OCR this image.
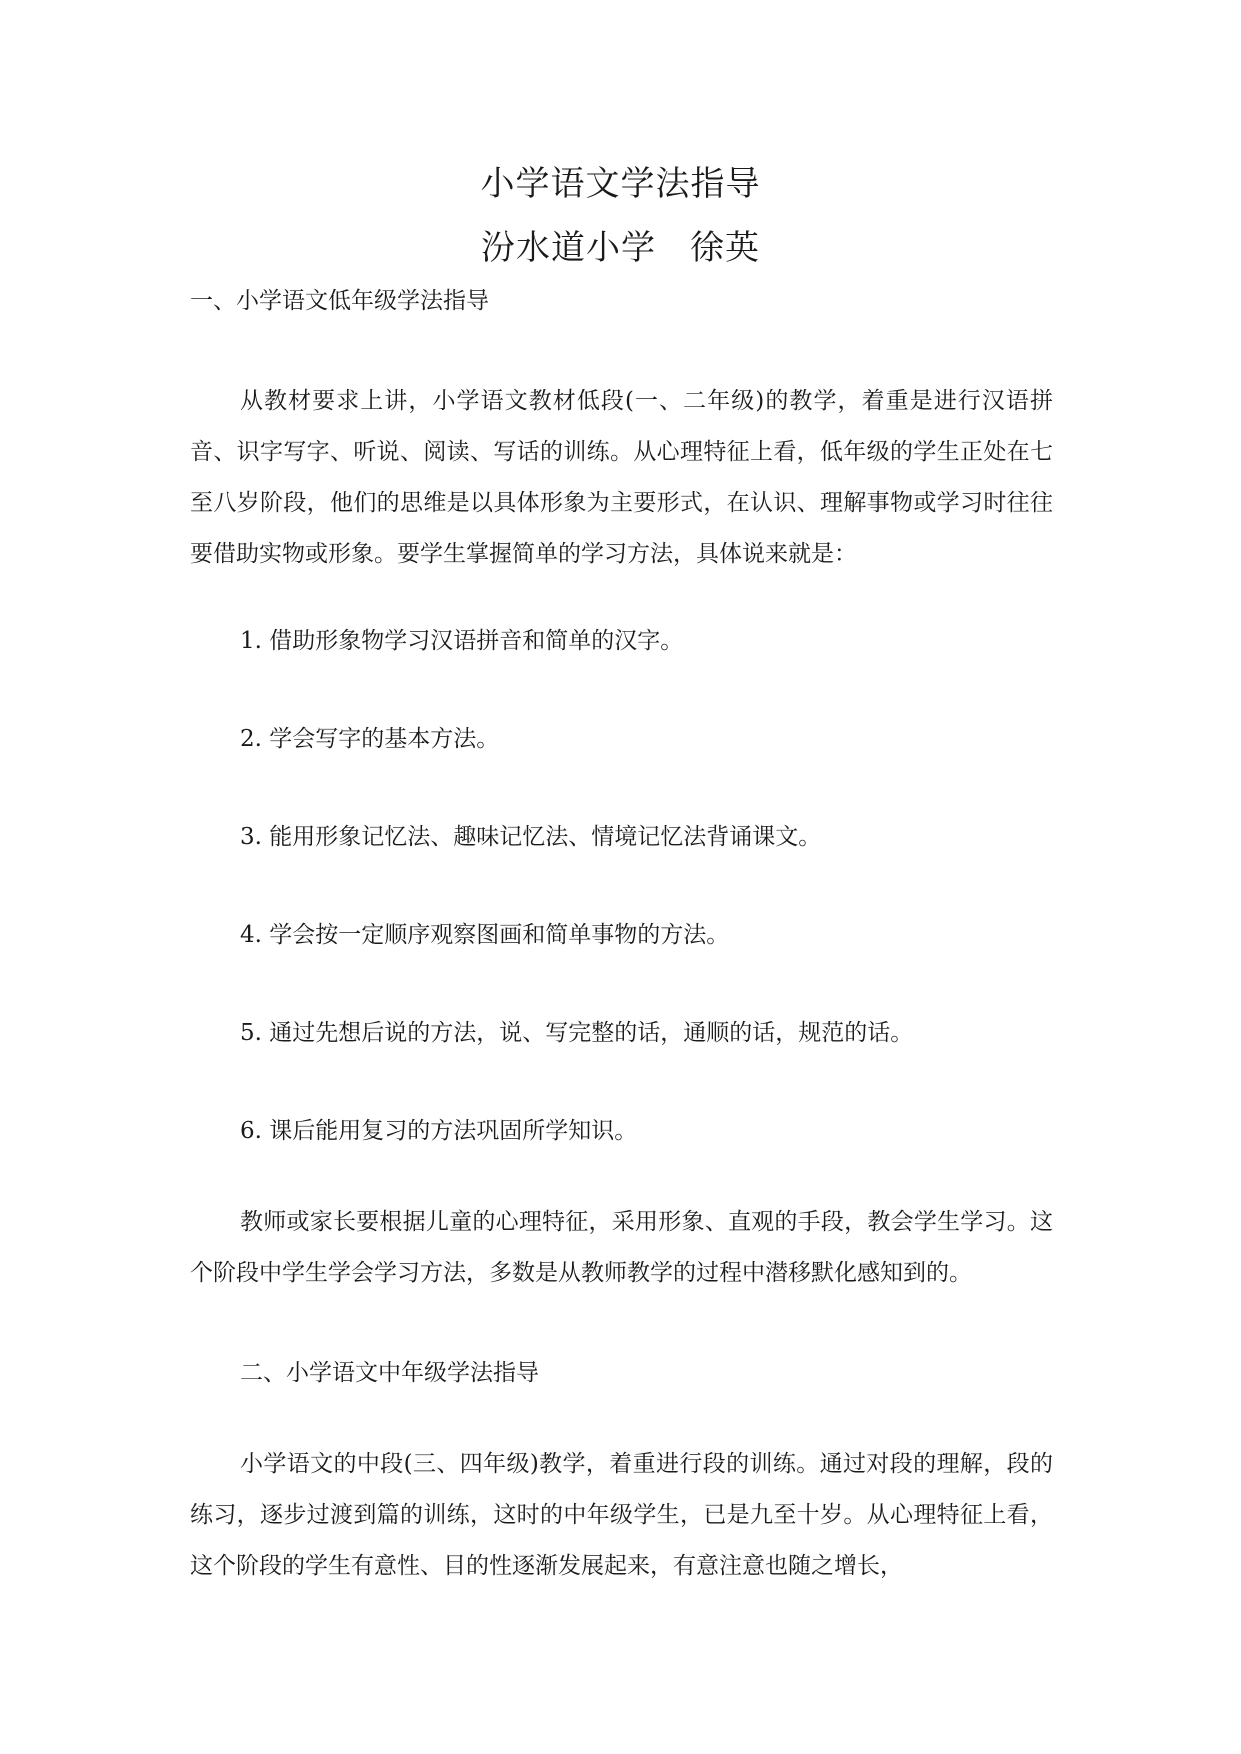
小学语文学法指导
汾水道小学 徐英
一、小学语文低年级学法指导
从教材要求上讲，小学语文教材低段(一、二年级)的教学，着重是进行汉语拼音、识字写字、听说、阅读、写话的训练。从心理特征上看，低年级的学生正处在七至八岁阶段，他们的思维是以具体形象为主要形式，在认识、理解事物或学习时往往要借助实物或形象。要学生掌握简单的学习方法，具体说来就是：
1. 借助形象物学习汉语拼音和简单的汉字。
2. 学会写字的基本方法。
3. 能用形象记忆法、趣味记忆法、情境记忆法背诵课文。
4. 学会按一定顺序观察图画和简单事物的方法。
5. 通过先想后说的方法，说、写完整的话，通顺的话，规范的话。
6. 课后能用复习的方法巩固所学知识。
教师或家长要根据儿童的心理特征，采用形象、直观的手段，教会学生学习。这个阶段中学生学会学习方法，多数是从教师教学的过程中潜移默化感知到的。
二、小学语文中年级学法指导
小学语文的中段(三、四年级)教学，着重进行段的训练。通过对段的理解，段的练习，逐步过渡到篇的训练，这时的中年级学生，已是九至十岁。从心理特征上看，这个阶段的学生有意性、目的性逐渐发展起来，有意注意也随之增长，
